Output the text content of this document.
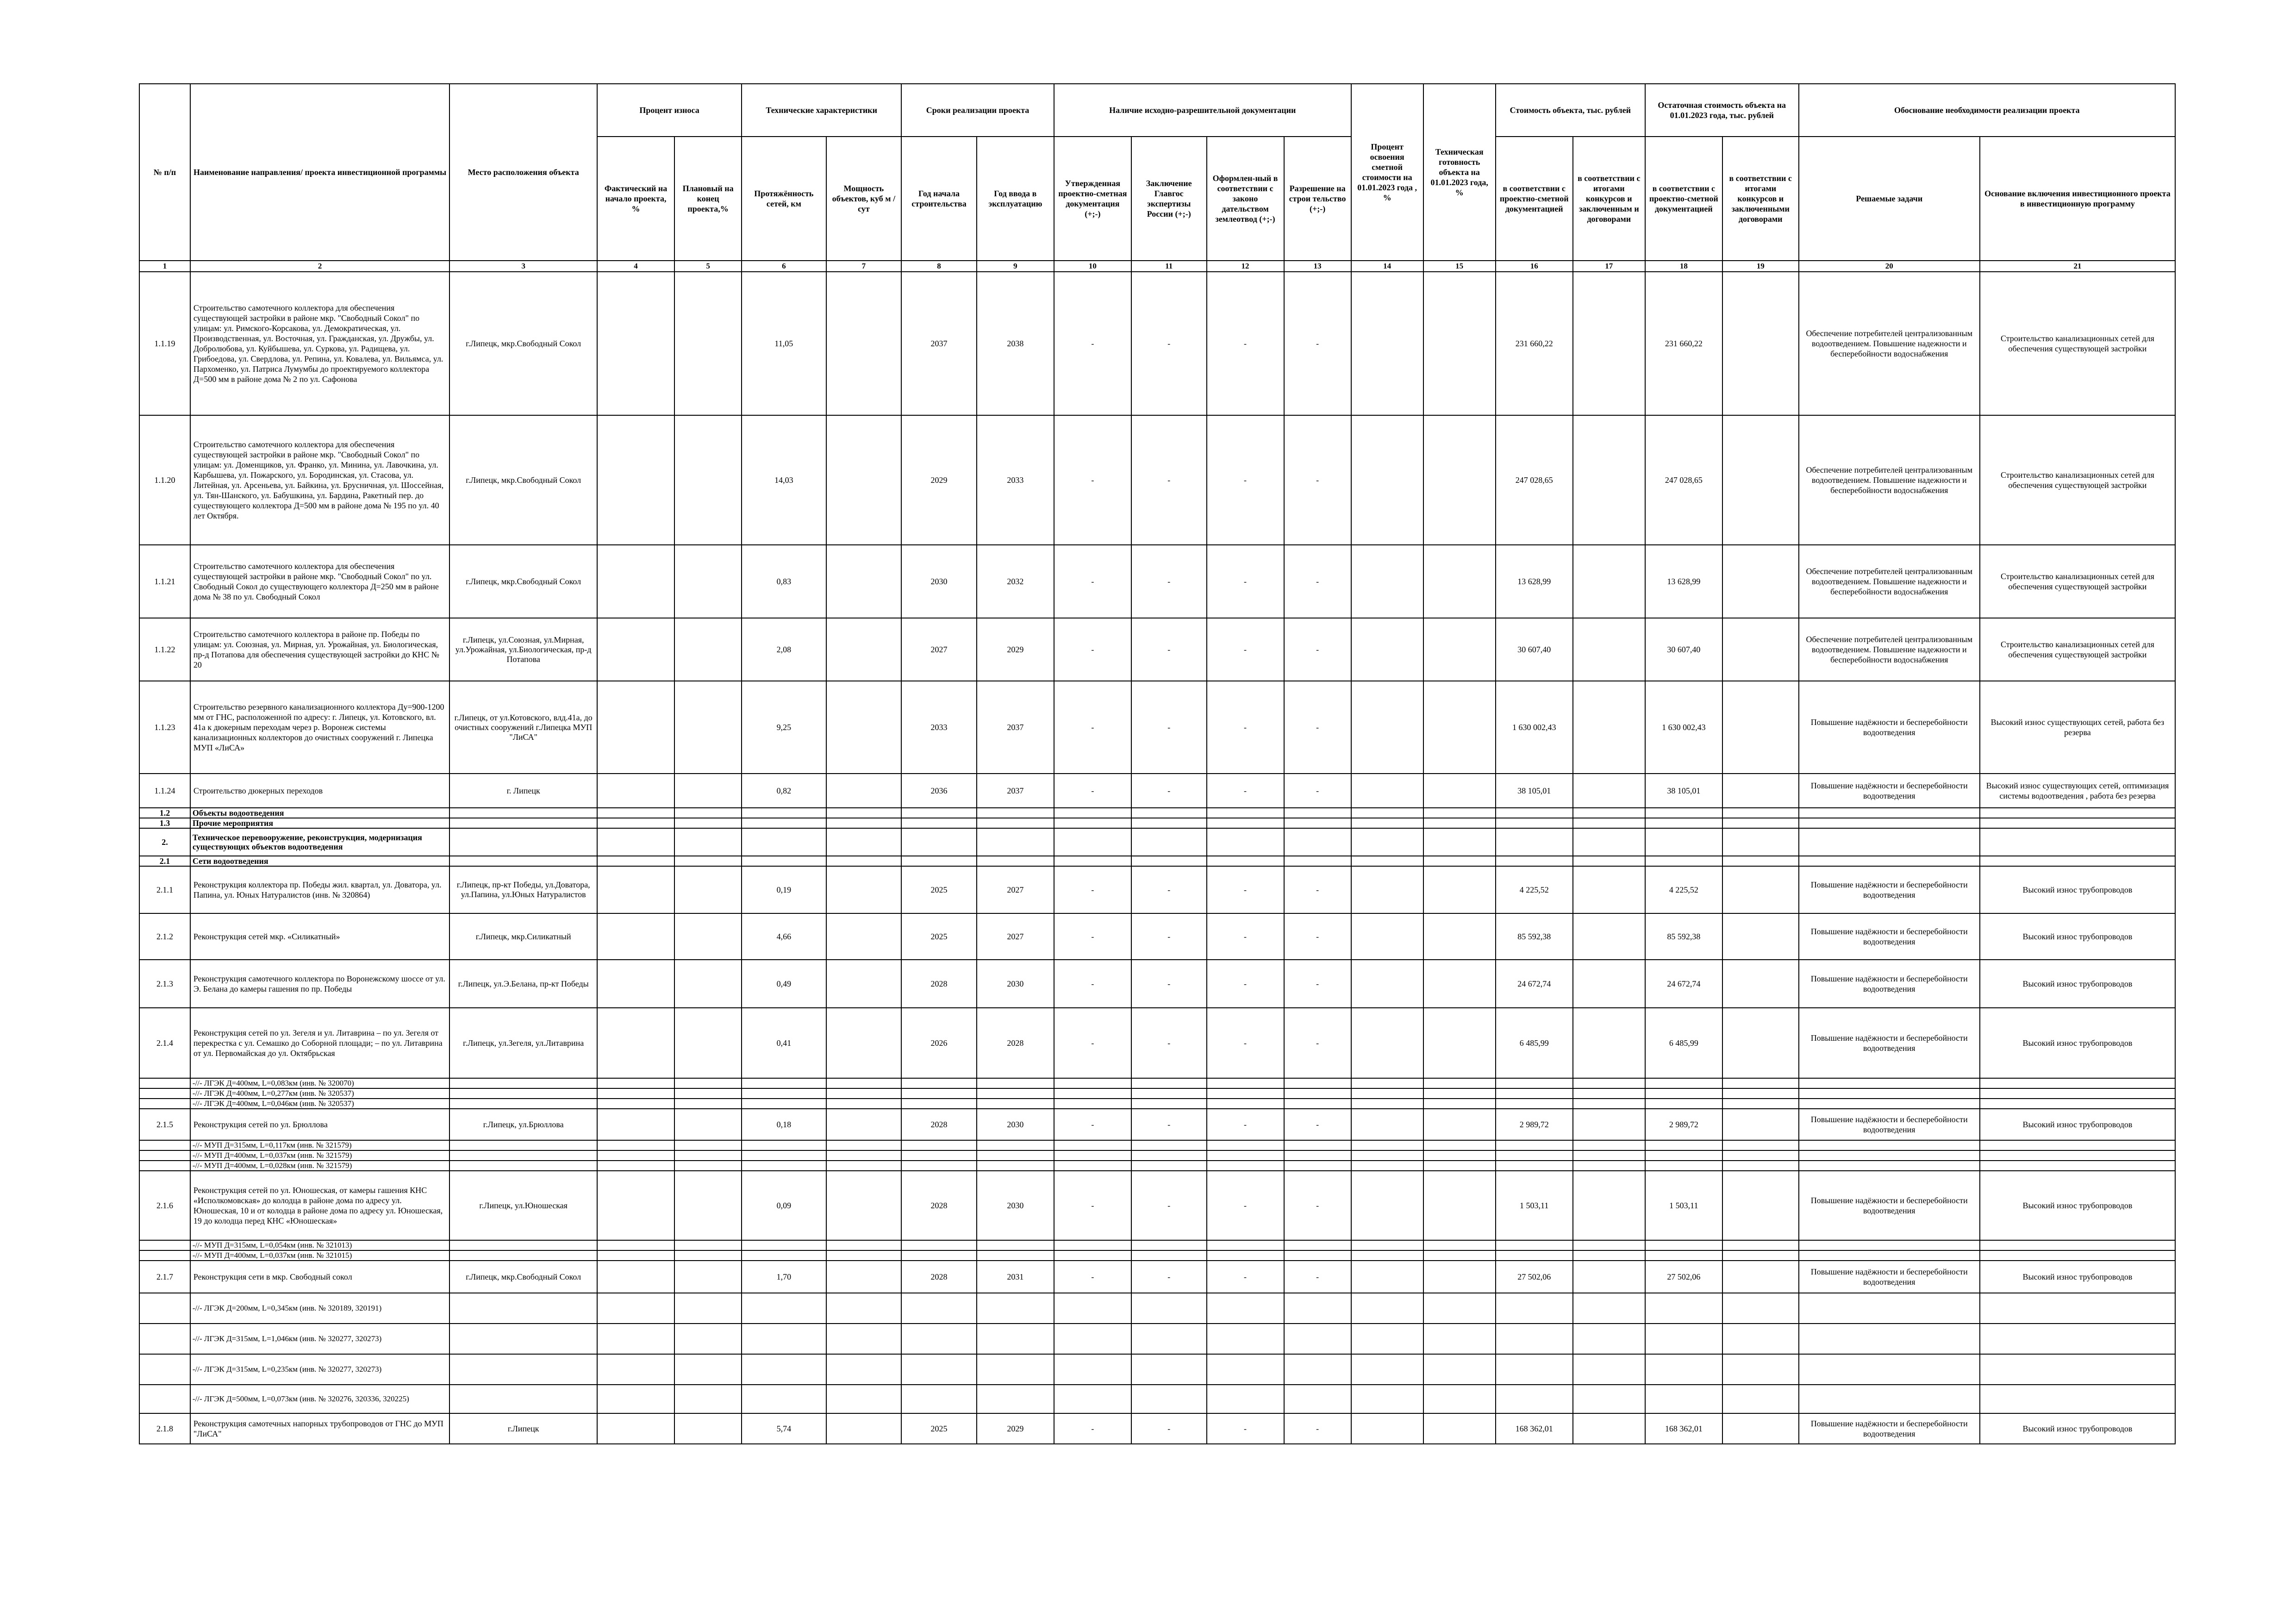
№ п/п	Наименование направления/ проекта инвестиционной программы	Место расположения объекта	Процент износа		Технические характеристики		Сроки реализации проекта		Наличие исходно-разрешительной документации				Процент освоения сметной стоимости на 01.01.2023 года , %	Техническая готовность объекта на 01.01.2023 года, %	Стоимость объекта, тыс. рублей		Остаточная стоимость объекта на 01.01.2023 года, тыс. рублей		Обоснование необходимости реализации проекта	
			Фактический на начало проекта, %	Плановый на конец проекта,%	Протяжённость сетей, км	Мощность объектов, куб м /сут	Год начала строительства	Год ввода в эксплуатацию	Утвержденная проектно-сметная документация (+;-)	Заключение Главгос экспертизы России (+;-)	Оформлен-ный в соответствии с законо дательством землеотвод (+;-)	Разрешение на строи тельство (+;-)			в соответствии с проектно-сметной документацией	в соответствии с итогами конкурсов и заключенным и договорами	в соответствии с проектно-сметной документацией	в соответствии с итогами конкурсов и заключенными договорами	Решаемые задачи	Основание включения инвестиционного проекта в инвестиционную программу
1	2	3	4	5	6	7	8	9	10	11	12	13	14	15	16	17	18	19	20	21
1.1.19	Строительство самотечного коллектора для обеспечения существующей застройки в районе мкр. "Свободный Сокол" по улицам: ул. Римского-Корсакова, ул. Демократическая, ул. Производственная, ул. Восточная, ул. Гражданская, ул. Дружбы, ул. Добролюбова, ул. Куйбышева, ул. Суркова, ул. Радищева, ул. Грибоедова, ул. Свердлова, ул. Репина, ул. Ковалева, ул. Вильямса, ул. Пархоменко, ул. Патриса Лумумбы до проектируемого коллектора Д=500 мм в районе дома № 2 по ул. Сафонова	г.Липецк, мкр.Свободный Сокол			11,05		2037	2038	-	-	-	-			231 660,22		231 660,22		Обеспечение потребителей централизованным водоотведением. Повышение надежности и бесперебойности водоснабжения	Строительство канализационных сетей для обеспечения существующей застройки
1.1.20	Строительство самотечного коллектора для обеспечения существующей застройки в районе мкр. "Свободный Сокол" по улицам: ул. Доменщиков, ул. Франко, ул. Минина, ул. Лавочкина, ул. Карбышева, ул. Пожарского, ул. Бородинская, ул. Стасова, ул. Литейная, ул. Арсеньева, ул. Байкина, ул. Брусничная, ул. Шоссейная, ул. Тян-Шанского, ул. Бабушкина, ул. Бардина, Ракетный пер. до существующего коллектора Д=500 мм в районе дома № 195 по ул. 40 лет Октября.	г.Липецк, мкр.Свободный Сокол			14,03		2029	2033	-	-	-	-			247 028,65		247 028,65		Обеспечение потребителей централизованным водоотведением. Повышение надежности и бесперебойности водоснабжения	Строительство канализационных сетей для обеспечения существующей застройки
1.1.21	Строительство самотечного коллектора для обеспечения существующей застройки в районе мкр. "Свободный Сокол" по ул. Свободный Сокол до существующего коллектора Д=250 мм в районе дома № 38 по ул. Свободный Сокол	г.Липецк, мкр.Свободный Сокол			0,83		2030	2032	-	-	-	-			13 628,99		13 628,99		Обеспечение потребителей централизованным водоотведением. Повышение надежности и бесперебойности водоснабжения	Строительство канализационных сетей для обеспечения существующей застройки
1.1.22	Строительство самотечного коллектора в районе пр. Победы по улицам: ул. Союзная, ул. Мирная, ул. Урожайная, ул. Биологическая, пр-д Потапова для обеспечения существующей застройки до КНС № 20	г.Липецк, ул.Союзная, ул.Мирная, ул.Урожайная, ул.Биологическая, пр-д Потапова			2,08		2027	2029	-	-	-	-			30 607,40		30 607,40		Обеспечение потребителей централизованным водоотведением. Повышение надежности и бесперебойности водоснабжения	Строительство канализационных сетей для обеспечения существующей застройки
1.1.23	Строительство резервного канализационного коллектора Ду=900-1200 мм от ГНС, расположенной по адресу: г. Липецк, ул. Котовского, вл. 41а к дюкерным переходам через р. Воронеж системы канализационных коллекторов до очистных сооружений г. Липецка МУП «ЛиСА»	г.Липецк, от ул.Котовского, влд.41а, до очистных сооружений г.Липецка МУП "ЛиСА"			9,25		2033	2037	-	-	-	-			1 630 002,43		1 630 002,43		Повышение надёжности и бесперебойности водоотведения	Высокий износ существующих сетей, работа без резерва
1.1.24	Строительство дюкерных переходов	г. Липецк			0,82		2036	2037	-	-	-	-			38 105,01		38 105,01		Повышение надёжности и бесперебойности водоотведения	Высокий износ существующих сетей, оптимизация системы водоотведения , работа без резерва
1.2	Объекты водоотведения																			
1.3	Прочие мероприятия																			
2.	Техническое перевооружение, реконструкция, модернизация существующих объектов водоотведения																			
2.1	Сети водоотведения																			
2.1.1	Реконструкция коллектора пр. Победы жил. квартал, ул. Доватора, ул. Папина, ул. Юных Натуралистов (инв. № 320864)	г.Липецк, пр-кт Победы, ул.Доватора, ул.Папина, ул.Юных Натуралистов			0,19		2025	2027	-	-	-	-			4 225,52		4 225,52		Повышение надёжности и бесперебойности водоотведения	Высокий износ трубопроводов
2.1.2	Реконструкция сетей мкр. «Силикатный»	г.Липецк, мкр.Силикатный			4,66		2025	2027	-	-	-	-			85 592,38		85 592,38		Повышение надёжности и бесперебойности водоотведения	Высокий износ трубопроводов
2.1.3	Реконструкция самотечного коллектора по Воронежскому шоссе от ул. Э. Белана до камеры гашения по пр. Победы	г.Липецк, ул.Э.Белана, пр-кт Победы			0,49		2028	2030	-	-	-	-			24 672,74		24 672,74		Повышение надёжности и бесперебойности водоотведения	Высокий износ трубопроводов
2.1.4	Реконструкция сетей по ул. Зегеля и ул. Литаврина – по ул. Зегеля от перекрестка с ул. Семашко до Соборной площади; – по ул. Литаврина от ул. Первомайская до ул. Октябрьская	г.Липецк, ул.Зегеля, ул.Литаврина			0,41		2026	2028	-	-	-	-			6 485,99		6 485,99		Повышение надёжности и бесперебойности водоотведения	Высокий износ трубопроводов
	-//- ЛГЭК Д=400мм, L=0,083км (инв. № 320070)																			
	-//- ЛГЭК Д=400мм, L=0,277км (инв. № 320537)																			
	-//- ЛГЭК Д=400мм, L=0,046км (инв. № 320537)																			
2.1.5	Реконструкция сетей по ул. Брюллова	г.Липецк, ул.Брюллова			0,18		2028	2030	-	-	-	-			2 989,72		2 989,72		Повышение надёжности и бесперебойности водоотведения	Высокий износ трубопроводов
	-//- МУП Д=315мм, L=0,117км (инв. № 321579)																			
	-//- МУП Д=400мм, L=0,037км (инв. № 321579)																			
	-//- МУП Д=400мм, L=0,028км (инв. № 321579)																			
2.1.6	Реконструкция сетей по ул. Юношеская, от камеры гашения КНС «Исполкомовская» до колодца в районе дома по адресу ул. Юношеская, 10 и от колодца в районе дома по адресу ул. Юношеская, 19 до колодца перед КНС «Юношеская»	г.Липецк, ул.Юношеская			0,09		2028	2030	-	-	-	-			1 503,11		1 503,11		Повышение надёжности и бесперебойности водоотведения	Высокий износ трубопроводов
	-//- МУП Д=315мм, L=0,054км (инв. № 321013)																			
	-//- МУП Д=400мм, L=0,037км (инв. № 321015)																			
2.1.7	Реконструкция сети в мкр. Свободный сокол	г.Липецк, мкр.Свободный Сокол			1,70		2028	2031	-	-	-	-			27 502,06		27 502,06		Повышение надёжности и бесперебойности водоотведения	Высокий износ трубопроводов
	-//- ЛГЭК Д=200мм, L=0,345км (инв. № 320189, 320191)																			
	-//- ЛГЭК Д=315мм, L=1,046км (инв. № 320277, 320273)																			
	-//- ЛГЭК Д=315мм, L=0,235км (инв. № 320277, 320273)																			
	-//- ЛГЭК Д=500мм, L=0,073км (инв. № 320276, 320336, 320225)																			
2.1.8	Реконструкция самотечных напорных трубопроводов от ГНС до МУП "ЛиСА"	г.Липецк			5,74		2025	2029	-	-	-	-			168 362,01		168 362,01		Повышение надёжности и бесперебойности водоотведения	Высокий износ трубопроводов
